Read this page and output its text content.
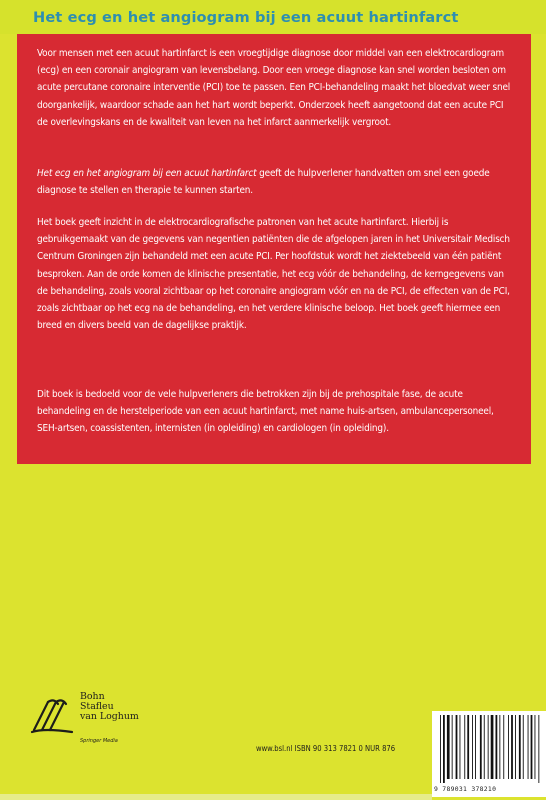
Het ecg en het angiogram bij een acuut hartinfarct

Voor mensen met een acuut hartinfarct is een vroegtijdige diagnose door middel van een elektrocardiogram (ecg) en een coronair angiogram van levensbelang. Door een vroege diagnose kan snel worden besloten om acute percutane coronaire interventie (PCI) toe te passen. Een PCI-behandeling maakt het bloedvat weer snel doorgankelijk, waardoor schade aan het hart wordt beperkt. Onderzoek heeft aangetoond dat een acute PCI de overlevingskans en de kwaliteit van leven na het infarct aanmerkelijk vergroot.

Het ecg en het angiogram bij een acuut hartinfarct geeft de hulpverlener handvatten om snel een goede diagnose te stellen en therapie te kunnen starten.

Het boek geeft inzicht in de elektrocardiografische patronen van het acute hartinfarct. Hierbij is gebruikgemaakt van de gegevens van negentien patiënten die de afgelopen jaren in het Universitair Medisch Centrum Groningen zijn behandeld met een acute PCI. Per hoofdstuk wordt het ziektebeeld van één patiënt besproken. Aan de orde komen de klinische presentatie, het ecg vóór de behandeling, de kerngegevens van de behandeling, zoals vooral zichtbaar op het coronaire angiogram vóór en na de PCI, de effecten van de PCI, zoals zichtbaar op het ecg na de behandeling, en het verdere klinische beloop. Het boek geeft hiermee een breed en divers beeld van de dagelijkse praktijk.

Dit boek is bedoeld voor de vele hulpverleners die betrokken zijn bij de prehospitale fase, de acute behandeling en de herstelperiode van een acuut hartinfarct, met name huis-artsen, ambulancepersoneel, SEH-artsen, coassistenten, internisten (in opleiding) en cardiologen (in opleiding).

Bohn
Stafleu
van Loghum
Springer Media
www.bsl.nl ISBN 90 313 7821 0 NUR 876
9 789031 378210
